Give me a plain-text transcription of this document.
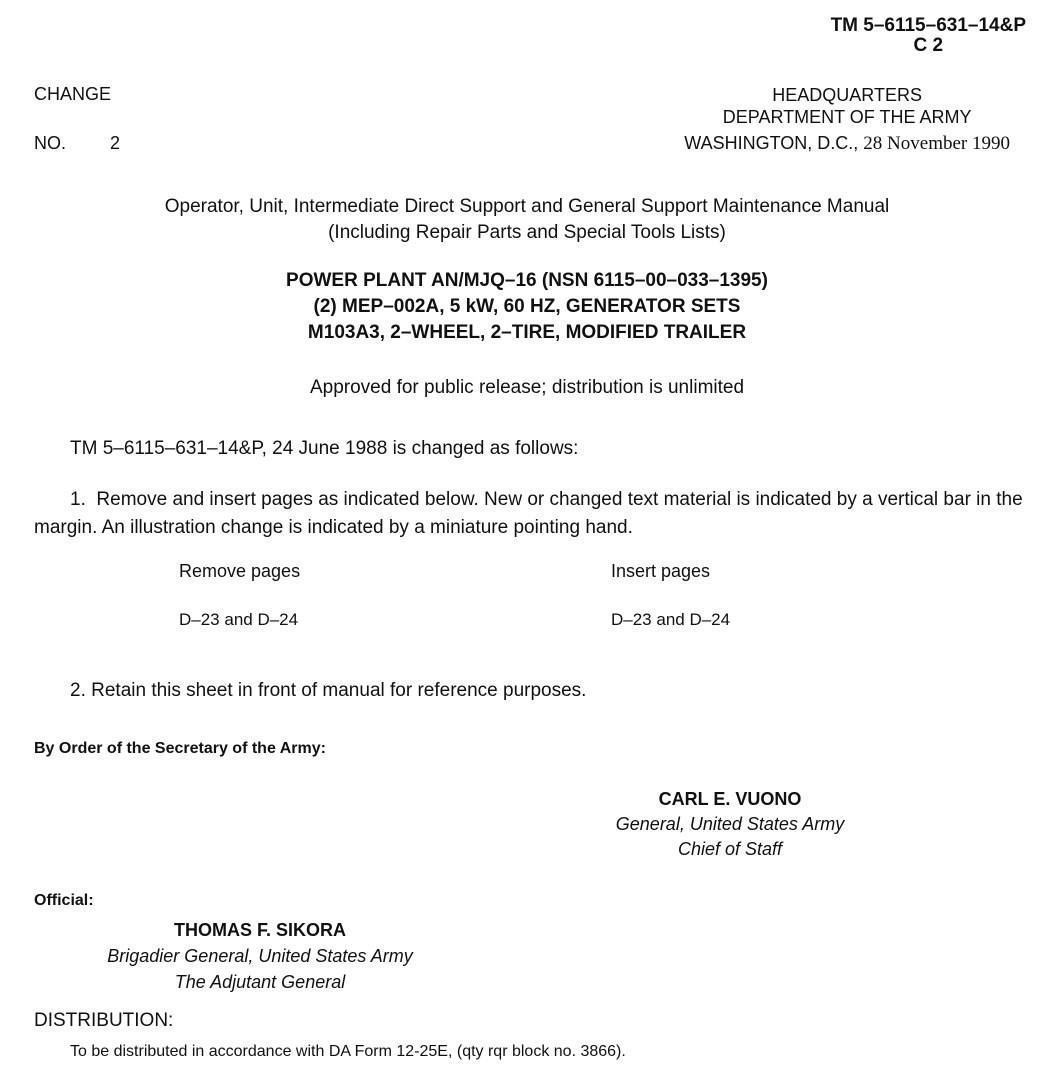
TM 5–6115–631–14&P
C 2
CHANGE
NO. 2
HEADQUARTERS
DEPARTMENT OF THE ARMY
WASHINGTON, D.C., 28 November 1990
Operator, Unit, Intermediate Direct Support and General Support Maintenance Manual
(Including Repair Parts and Special Tools Lists)
POWER PLANT AN/MJQ–16 (NSN 6115–00–033–1395)
(2) MEP–002A, 5 kW, 60 HZ, GENERATOR SETS
M103A3, 2–WHEEL, 2–TIRE, MODIFIED TRAILER
Approved for public release; distribution is unlimited
TM 5–6115–631–14&P, 24 June 1988 is changed as follows:
1. Remove and insert pages as indicated below. New or changed text material is indicated by a vertical bar in the margin. An illustration change is indicated by a miniature pointing hand.
Remove pages	Insert pages
D–23 and D–24	D–23 and D–24
2. Retain this sheet in front of manual for reference purposes.
By Order of the Secretary of the Army:
CARL E. VUONO
General, United States Army
Chief of Staff
Official:
THOMAS F. SIKORA
Brigadier General, United States Army
The Adjutant General
DISTRIBUTION:
To be distributed in accordance with DA Form 12-25E, (qty rqr block no. 3866).
